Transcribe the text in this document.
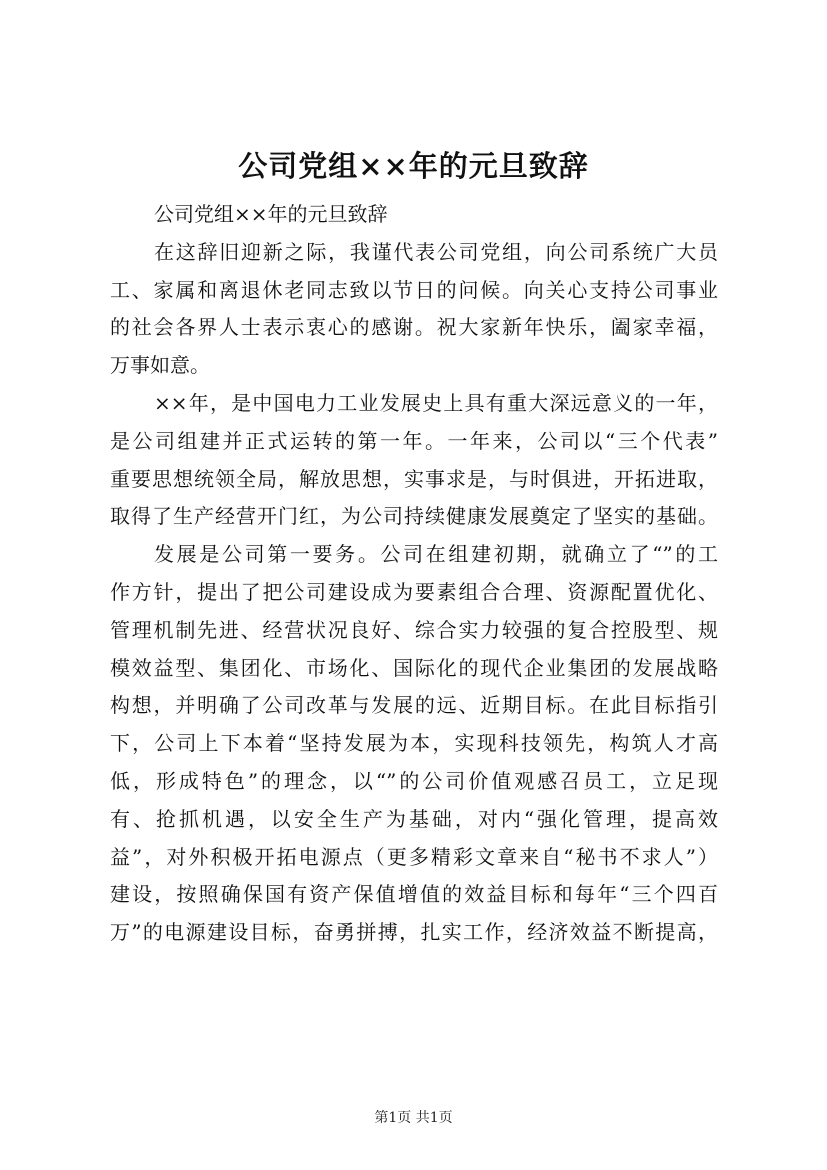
公司党组××年的元旦致辞
公司党组××年的元旦致辞
在这辞旧迎新之际，我谨代表公司党组，向公司系统广大员
工、家属和离退休老同志致以节日的问候。向关心支持公司事业
的社会各界人士表示衷心的感谢。祝大家新年快乐，阖家幸福，
万事如意。
××年，是中国电力工业发展史上具有重大深远意义的一年，
是公司组建并正式运转的第一年。一年来，公司以“三个代表”
重要思想统领全局，解放思想，实事求是，与时俱进，开拓进取，
取得了生产经营开门红，为公司持续健康发展奠定了坚实的基础。
发展是公司第一要务。公司在组建初期，就确立了“”的工
作方针，提出了把公司建设成为要素组合合理、资源配置优化、
管理机制先进、经营状况良好、综合实力较强的复合控股型、规
模效益型、集团化、市场化、国际化的现代企业集团的发展战略
构想，并明确了公司改革与发展的远、近期目标。在此目标指引
下，公司上下本着“坚持发展为本，实现科技领先，构筑人才高
低，形成特色”的理念，以“”的公司价值观感召员工，立足现
有、抢抓机遇，以安全生产为基础，对内“强化管理，提高效
益”，对外积极开拓电源点（更多精彩文章来自“秘书不求人”）
建设，按照确保国有资产保值增值的效益目标和每年“三个四百
万”的电源建设目标，奋勇拼搏，扎实工作，经济效益不断提高，
第1页 共1页
